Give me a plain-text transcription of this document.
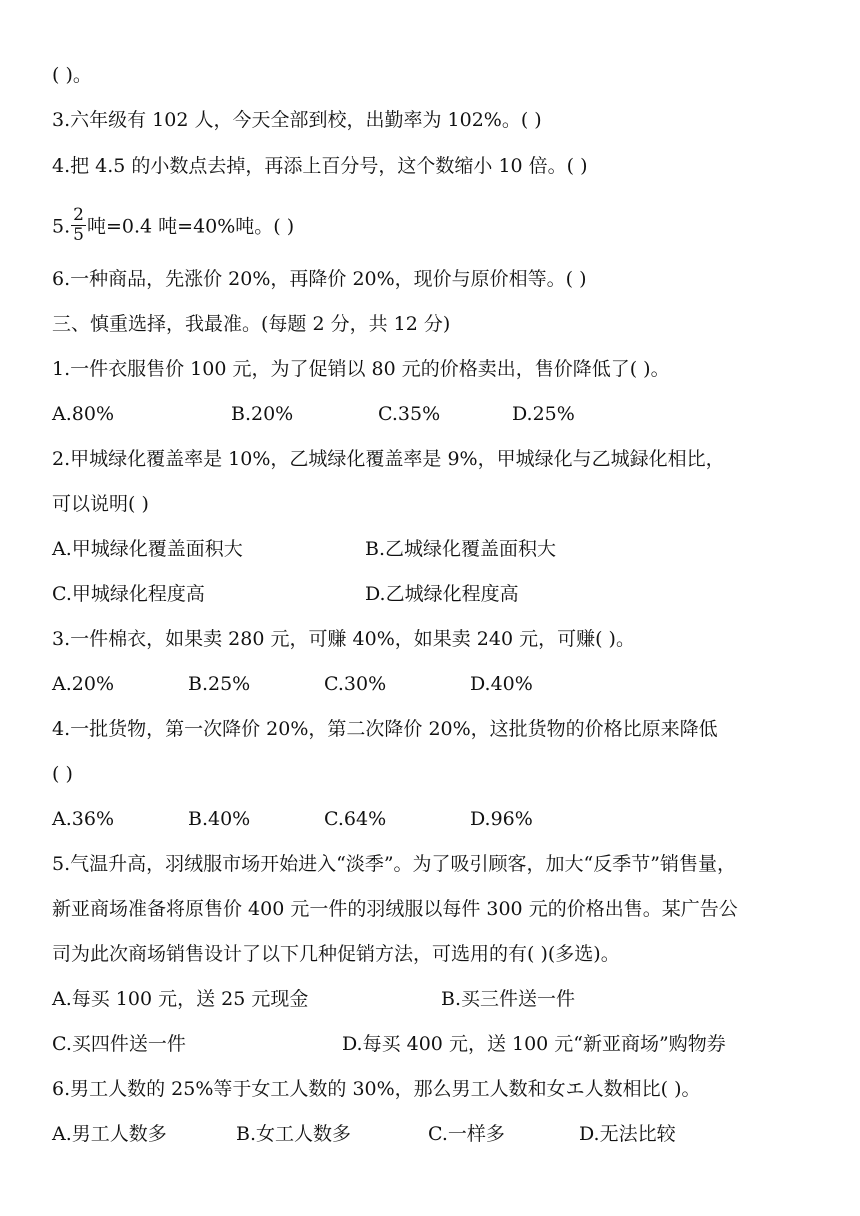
( )。
3.六年级有 102 人，今天全部到校，出勤率为 102%。( )
4.把 4.5 的小数点去掉，再添上百分号，这个数缩小 10 倍。( )
5. $\frac{2}{5}$ 吨=0.4 吨=40%吨。( )
6.一种商品，先涨价 20%，再降价 20%，现价与原价相等。( )
三、慎重选择，我最准。(每题 2 分，共 12 分)
1.一件衣服售价 100 元，为了促销以 80 元的价格卖出，售价降低了( )。
A.80%	B.20%	C.35%	D.25%
2.甲城绿化覆盖率是 10%，乙城绿化覆盖率是 9%，甲城绿化与乙城録化相比，
可以说明( )
A.甲城绿化覆盖面积大	B.乙城绿化覆盖面积大
C.甲城绿化程度高	D.乙城绿化程度高
3.一件棉衣，如果卖 280 元，可赚 40%，如果卖 240 元，可赚( )。
A.20%	B.25%	C.30%	D.40%
4.一批货物，第一次降价 20%，第二次降价 20%，这批货物的价格比原来降低
( )
A.36%	B.40%	C.64%	D.96%
5.气温升高，羽绒服市场开始进入“淡季”。为了吸引顾客，加大“反季节”销售量，
新亚商场准备将原售价 400 元一件的羽绒服以每件 300 元的价格出售。某广告公
司为此次商场销售设计了以下几种促销方法，可选用的有( )(多选)。
A.每买 100 元，送 25 元现金	B.买三件送一件
C.买四件送一件	D.每买 400 元，送 100 元“新亚商场”购物券
6.男工人数的 25%等于女工人数的 30%，那么男工人数和女エ人数相比( )。
A.男工人数多	B.女工人数多	C.一样多	D.无法比较
